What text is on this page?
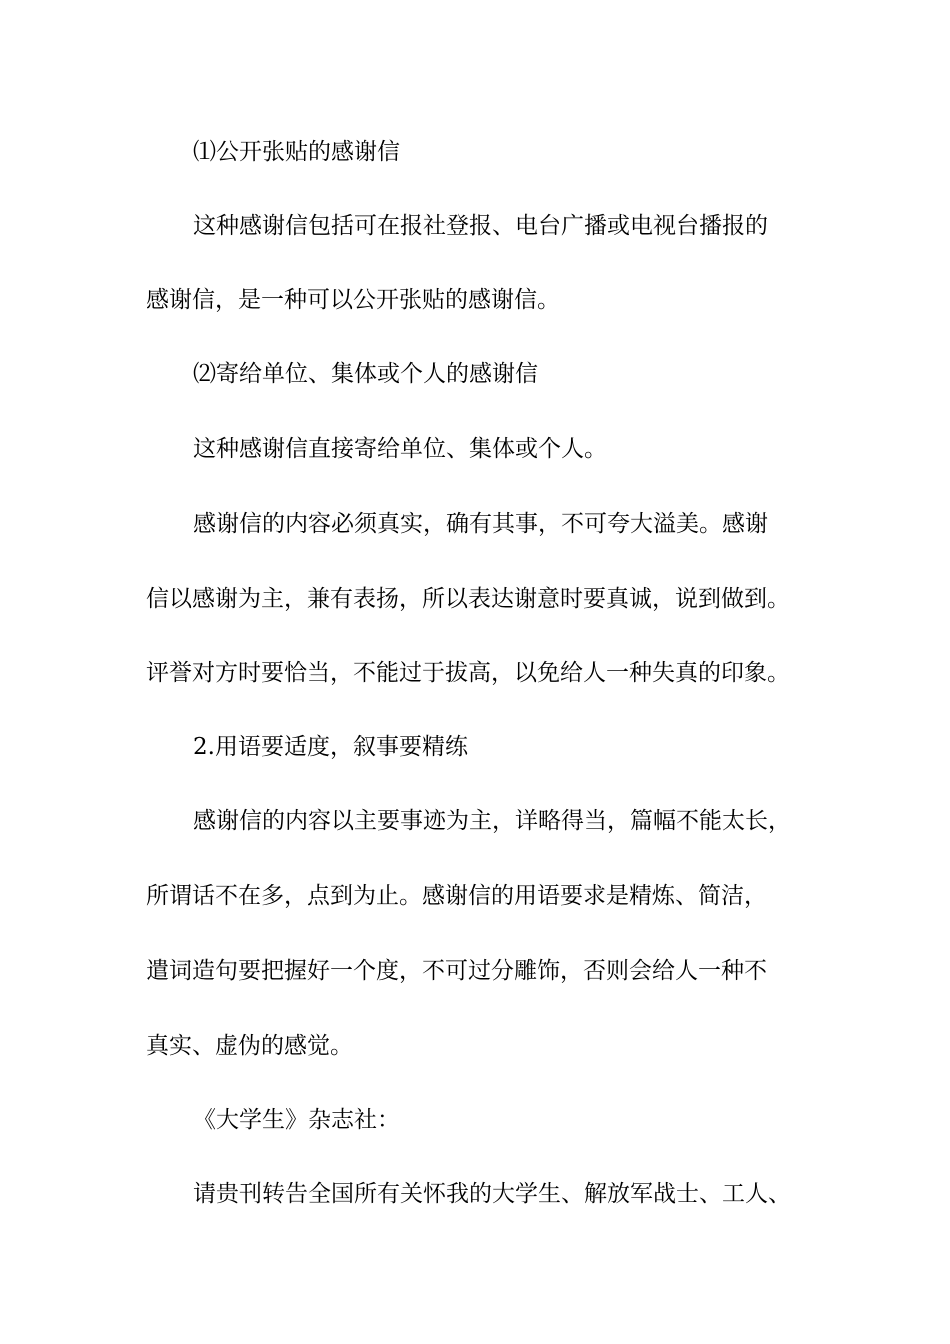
⑴公开张贴的感谢信
这种感谢信包括可在报社登报、电台广播或电视台播报的
感谢信，是一种可以公开张贴的感谢信。
⑵寄给单位、集体或个人的感谢信
这种感谢信直接寄给单位、集体或个人。
感谢信的内容必须真实，确有其事，不可夸大溢美。感谢
信以感谢为主，兼有表扬，所以表达谢意时要真诚，说到做到。
评誉对方时要恰当，不能过于拔高，以免给人一种失真的印象。
2.用语要适度，叙事要精练
感谢信的内容以主要事迹为主，详略得当，篇幅不能太长，
所谓话不在多，点到为止。感谢信的用语要求是精炼、简洁，
遣词造句要把握好一个度，不可过分雕饰，否则会给人一种不
真实、虚伪的感觉。
《大学生》杂志社：
请贵刊转告全国所有关怀我的大学生、解放军战士、工人、
